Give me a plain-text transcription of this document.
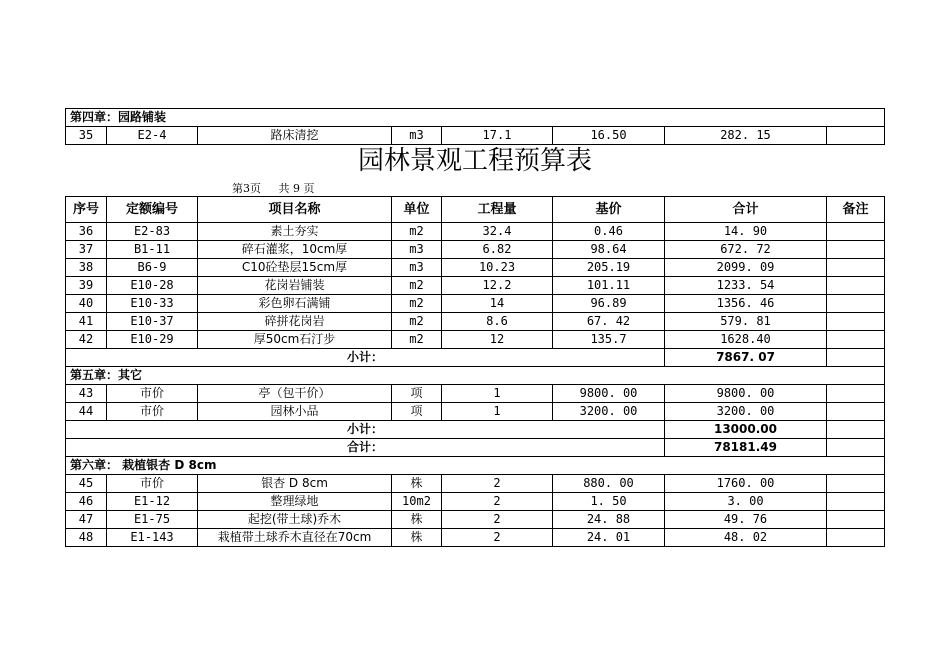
第四章：园路铺装
35	E2-4	路床清挖	m3	17.1	16.50	282. 15	
园林景观工程预算表
第3页 共 9 页
序号	定额编号	项目名称	单位	工程量	基价	合计	备注
36	E2-83	素土夯实	m2	32.4	0.46	14. 90	
37	B1-11	碎石灌浆，10cm厚	m3	6.82	98.64	672. 72	
38	B6-9	C10砼垫层15cm厚	m3	10.23	205.19	2099. 09	
39	E10-28	花岗岩铺装	m2	12.2	101.11	1233. 54	
40	E10-33	彩色卵石满铺	m2	14	96.89	1356. 46	
41	E10-37	碎拼花岗岩	m2	8.6	67. 42	579. 81	
42	E10-29	厚50cm石汀步	m2	12	135.7	1628.40	
小计：						7867. 07	
第五章：其它							
43	市价	亭（包干价）	项	1	9800. 00	9800. 00	
44	市价	园林小品	项	1	3200. 00	3200. 00	
小计：						13000.00	
合计：						78181.49	
第六章： 栽植银杏 D 8cm							
45	市价	银杏 D 8cm	株	2	880. 00	1760. 00	
46	E1-12	整理绿地	10m2	2	1. 50	3. 00	
47	E1-75	起挖(带土球)乔木	株	2	24. 88	49. 76	
48	E1-143	栽植带土球乔木直径在70cm	株	2	24. 01	48. 02	
